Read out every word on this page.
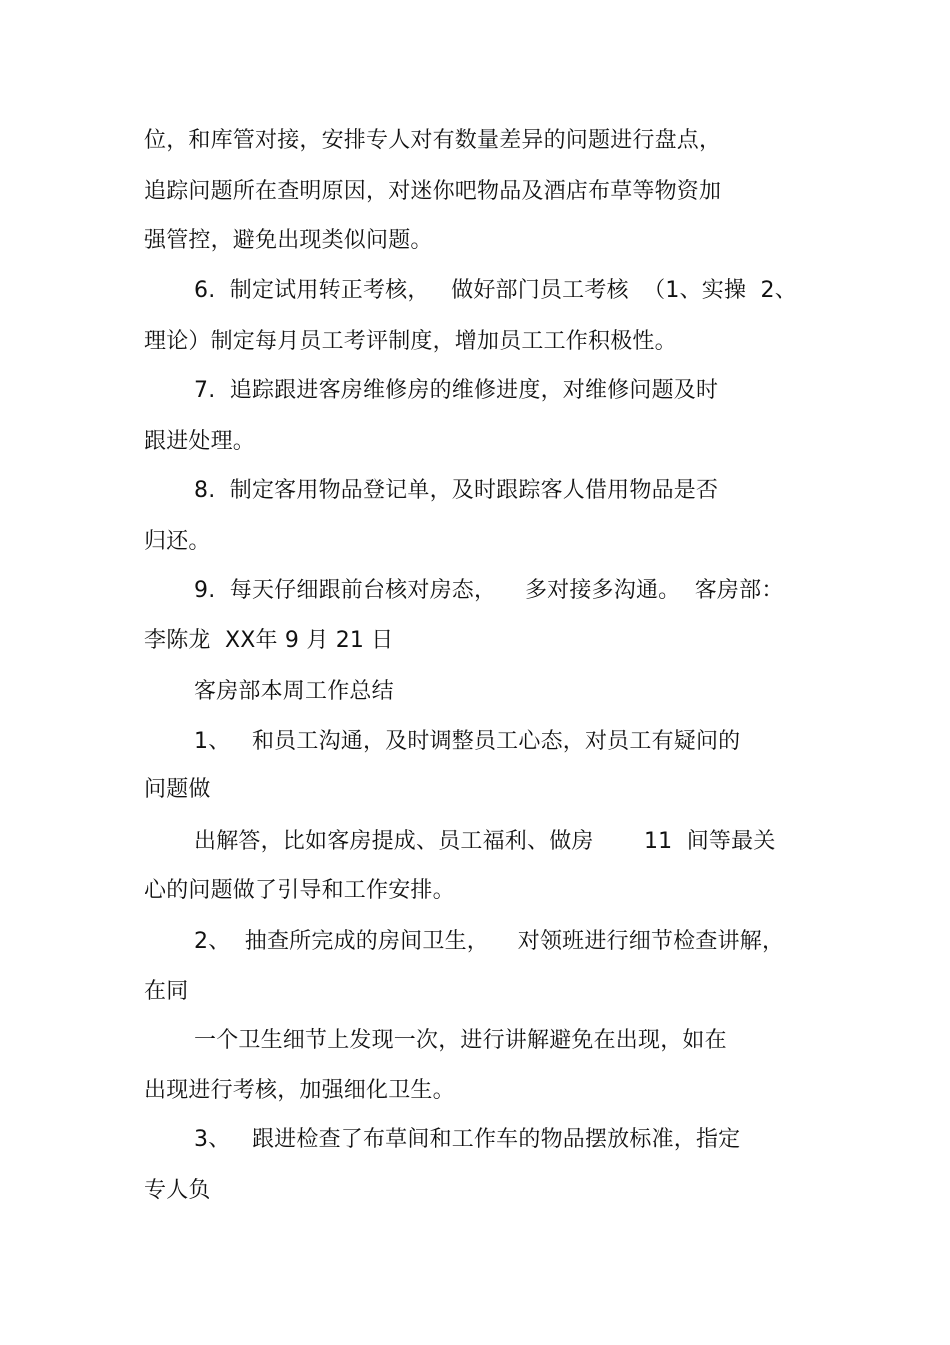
位，和库管对接，安排专人对有数量差异的问题进行盘点，
追踪问题所在查明原因，对迷你吧物品及酒店布草等物资加
强管控，避免出现类似问题。
6.  制定试用转正考核，   做好部门员工考核  （1、实操  2、
理论）制定每月员工考评制度，增加员工工作积极性。
7.  追踪跟进客房维修房的维修进度，对维修问题及时
跟进处理。
8.  制定客用物品登记单，及时跟踪客人借用物品是否
归还。
9.  每天仔细跟前台核对房态，    多对接多沟通。  客房部：
李陈龙  XX年 9 月 21 日
客房部本周工作总结
1、   和员工沟通，及时调整员工心态，对员工有疑问的
问题做
出解答，比如客房提成、员工福利、做房       11  间等最关
心的问题做了引导和工作安排。
2、  抽查所完成的房间卫生，    对领班进行细节检查讲解，
在同
一个卫生细节上发现一次，进行讲解避免在出现，如在
出现进行考核，加强细化卫生。
3、   跟进检查了布草间和工作车的物品摆放标准，指定
专人负
